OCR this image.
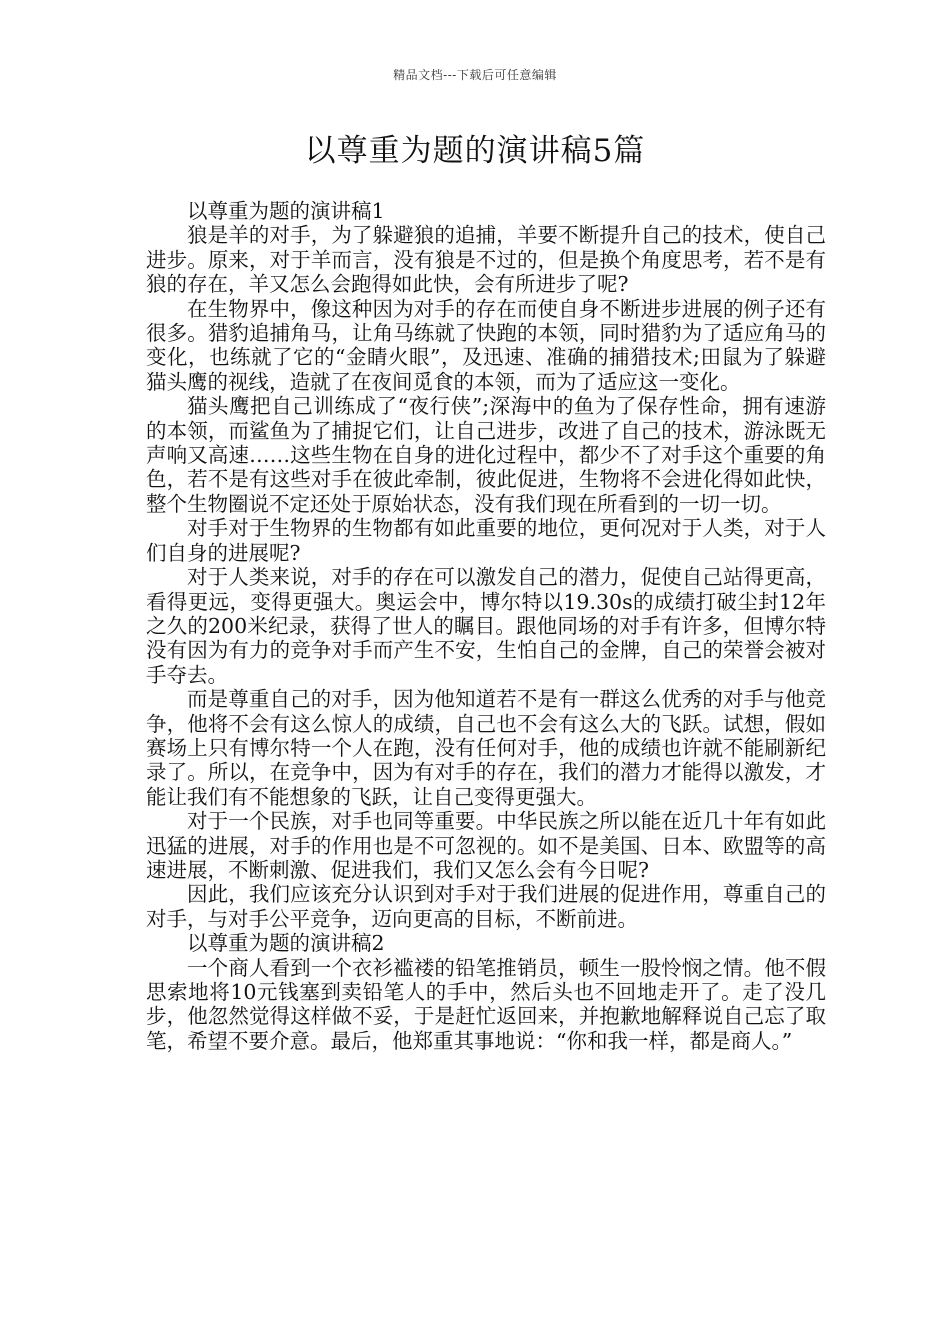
精品文档---下载后可任意编辑
以尊重为题的演讲稿5篇

以尊重为题的演讲稿1

狼是羊的对手，为了躲避狼的追捕，羊要不断提升自己的技术，使自己进步。原来，对于羊而言，没有狼是不过的，但是换个角度思考，若不是有狼的存在，羊又怎么会跑得如此快，会有所进步了呢?

在生物界中，像这种因为对手的存在而使自身不断进步进展的例子还有很多。猎豹追捕角马，让角马练就了快跑的本领，同时猎豹为了适应角马的变化，也练就了它的“金睛火眼”，及迅速、准确的捕猎技术;田鼠为了躲避猫头鹰的视线，造就了在夜间觅食的本领，而为了适应这一变化。

猫头鹰把自己训练成了“夜行侠”;深海中的鱼为了保存性命，拥有速游的本领，而鲨鱼为了捕捉它们，让自己进步，改进了自己的技术，游泳既无声响又高速……这些生物在自身的进化过程中，都少不了对手这个重要的角色，若不是有这些对手在彼此牵制，彼此促进，生物将不会进化得如此快，整个生物圈说不定还处于原始状态，没有我们现在所看到的一切一切。

对手对于生物界的生物都有如此重要的地位，更何况对于人类，对于人们自身的进展呢?

对于人类来说，对手的存在可以激发自己的潜力，促使自己站得更高，看得更远，变得更强大。奥运会中，博尔特以19.30s的成绩打破尘封12年之久的200米纪录，获得了世人的瞩目。跟他同场的对手有许多，但博尔特没有因为有力的竞争对手而产生不安，生怕自己的金牌，自己的荣誉会被对手夺去。

而是尊重自己的对手，因为他知道若不是有一群这么优秀的对手与他竞争，他将不会有这么惊人的成绩，自己也不会有这么大的飞跃。试想，假如赛场上只有博尔特一个人在跑，没有任何对手，他的成绩也许就不能刷新纪录了。所以，在竞争中，因为有对手的存在，我们的潜力才能得以激发，才能让我们有不能想象的飞跃，让自己变得更强大。

对于一个民族，对手也同等重要。中华民族之所以能在近几十年有如此迅猛的进展，对手的作用也是不可忽视的。如不是美国、日本、欧盟等的高速进展，不断刺激、促进我们，我们又怎么会有今日呢?

因此，我们应该充分认识到对手对于我们进展的促进作用，尊重自己的对手，与对手公平竞争，迈向更高的目标，不断前进。

以尊重为题的演讲稿2

一个商人看到一个衣衫褴褛的铅笔推销员，顿生一股怜悯之情。他不假思索地将10元钱塞到卖铅笔人的手中，然后头也不回地走开了。走了没几步，他忽然觉得这样做不妥，于是赶忙返回来，并抱歉地解释说自己忘了取笔，希望不要介意。最后，他郑重其事地说：“你和我一样，都是商人。”
